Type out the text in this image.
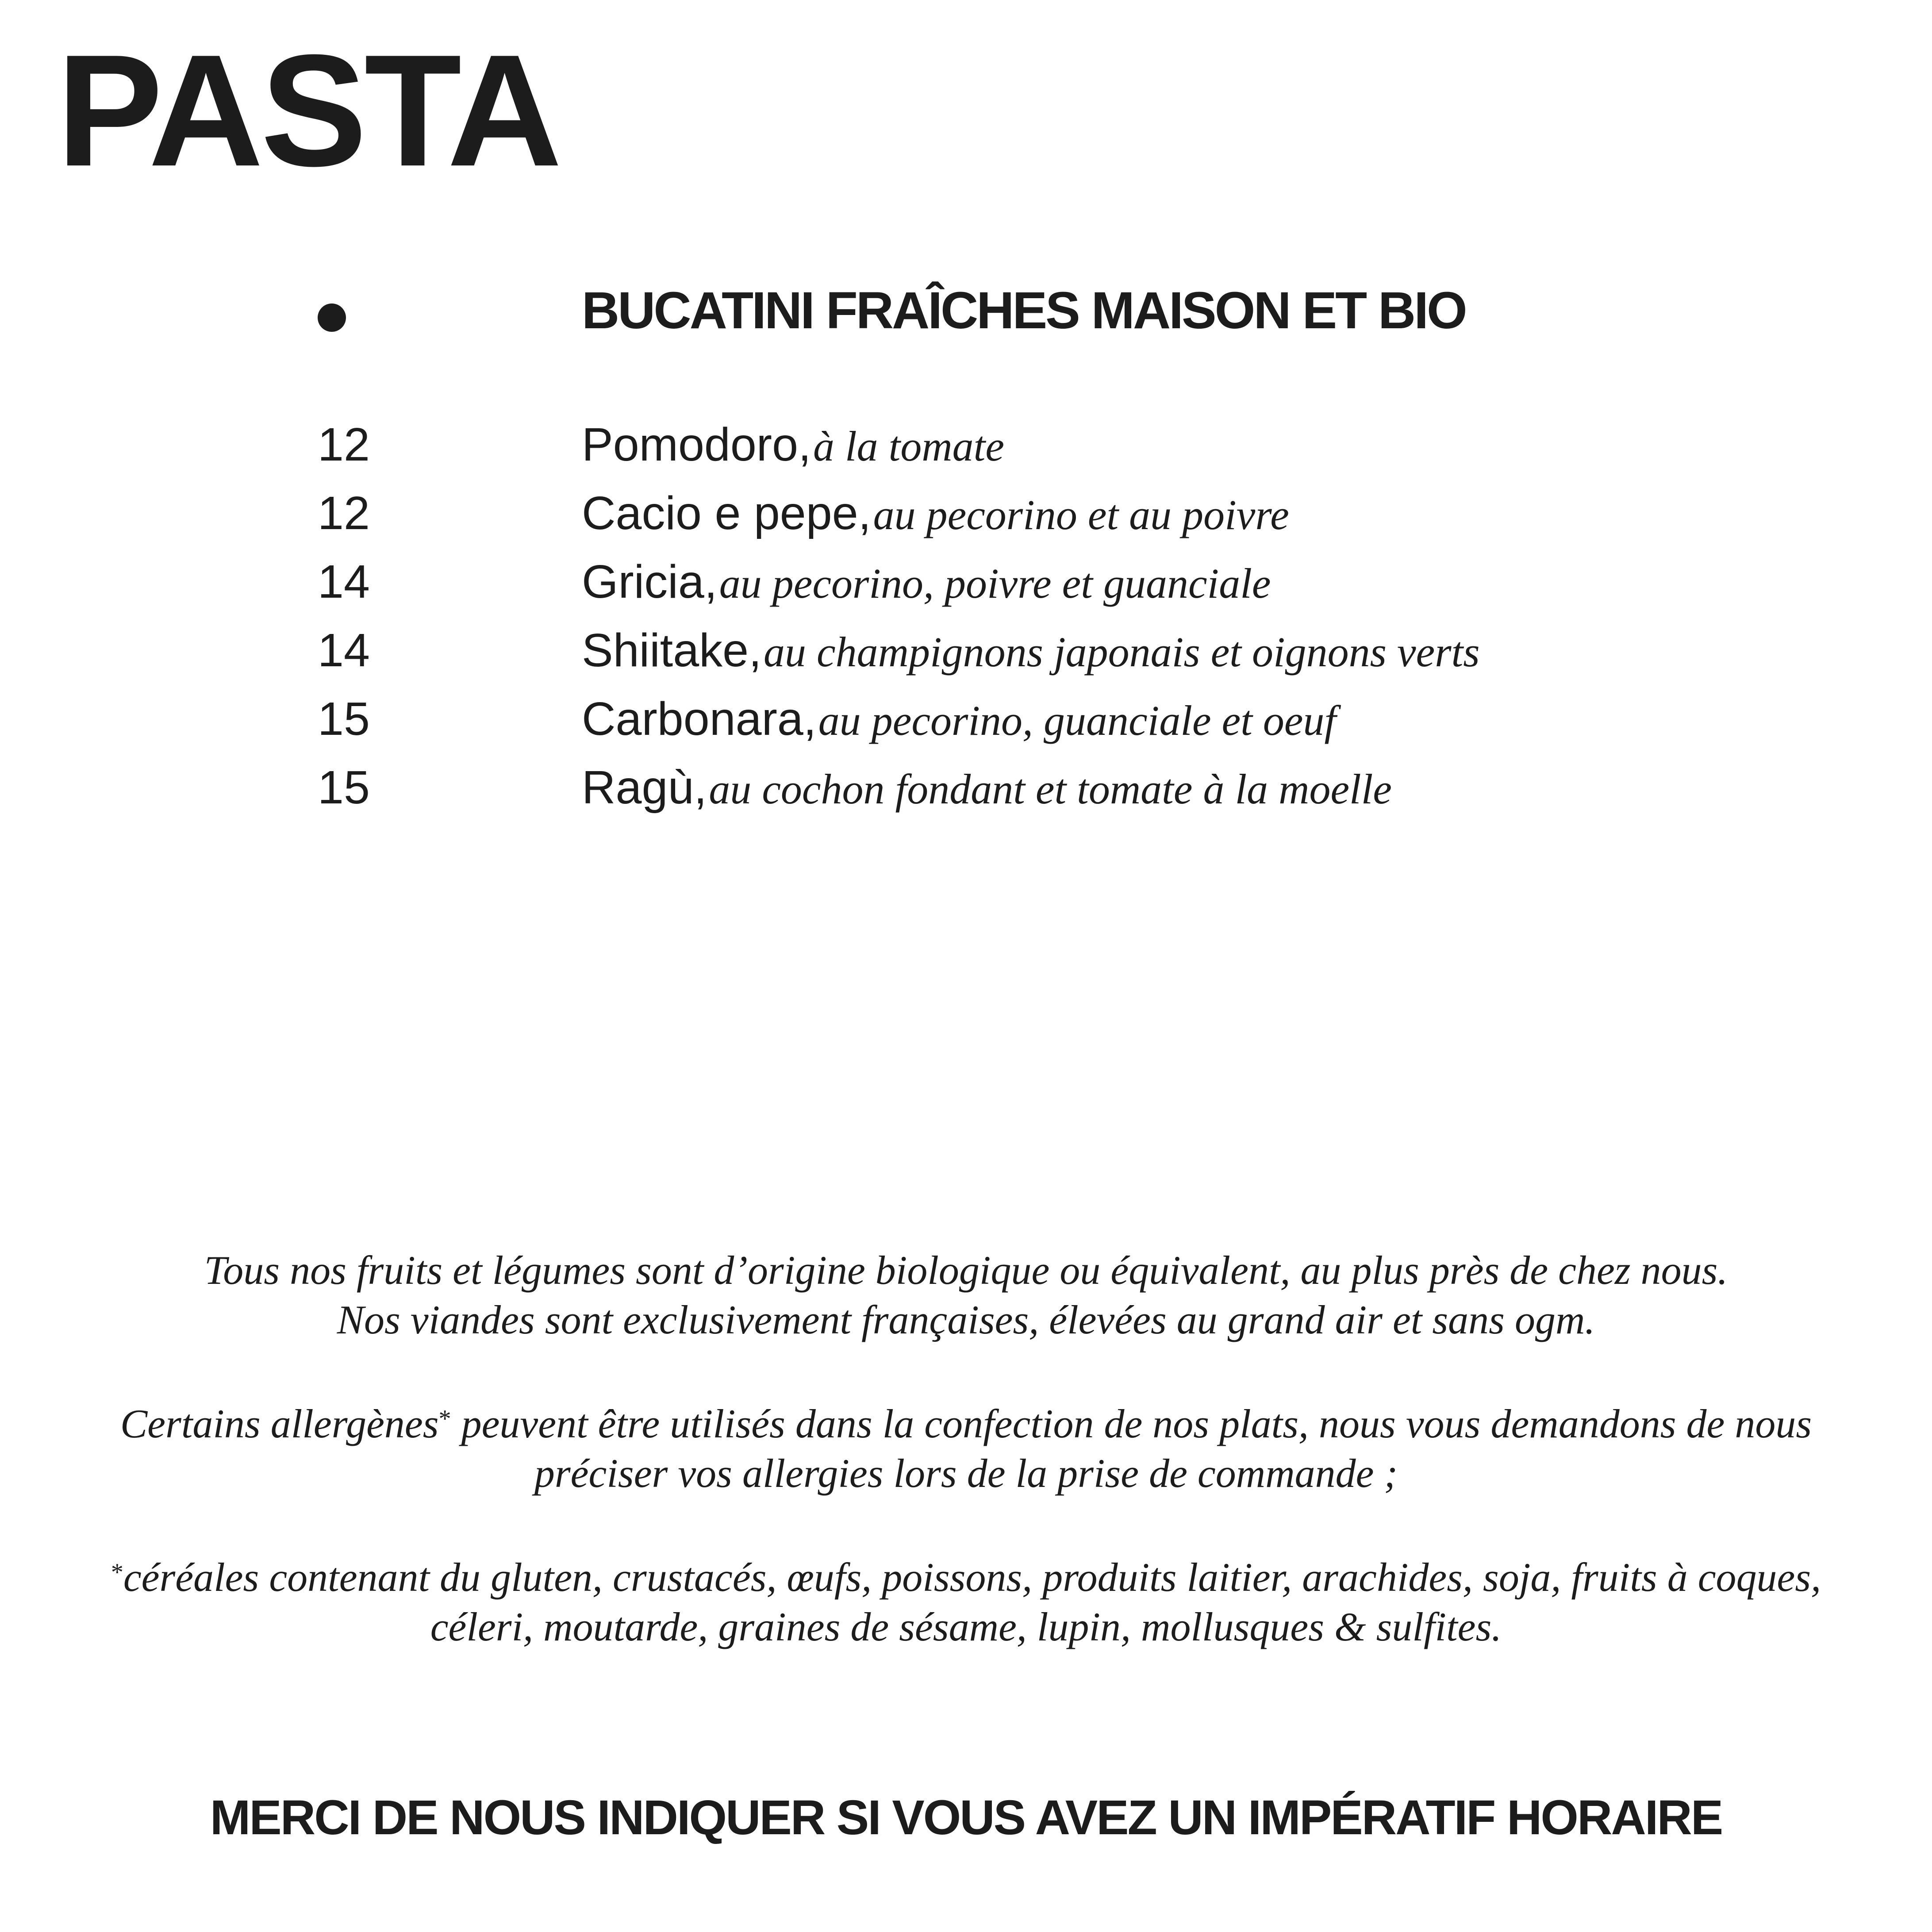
PASTA
BUCATINI FRAÎCHES MAISON ET BIO
12	Pomodoro, à la tomate
12	Cacio e pepe, au pecorino et au poivre
14	Gricia, au pecorino, poivre et guanciale
14	Shiitake, au champignons japonais et oignons verts
15	Carbonara, au pecorino, guanciale et oeuf
15	Ragù, au cochon fondant et tomate à la moelle

Tous nos fruits et légumes sont d’origine biologique ou équivalent, au plus près de chez nous.

Nos viandes sont exclusivement françaises, élevées au grand air et sans ogm.

Certains allergènes* peuvent être utilisés dans la confection de nos plats, nous vous demandons de nous

préciser vos allergies lors de la prise de commande ;

*céréales contenant du gluten, crustacés, œufs, poissons, produits laitier, arachides, soja, fruits à coques,

céleri, moutarde, graines de sésame, lupin, mollusques & sulfites.

MERCI DE NOUS INDIQUER SI VOUS AVEZ UN IMPÉRATIF HORAIRE
